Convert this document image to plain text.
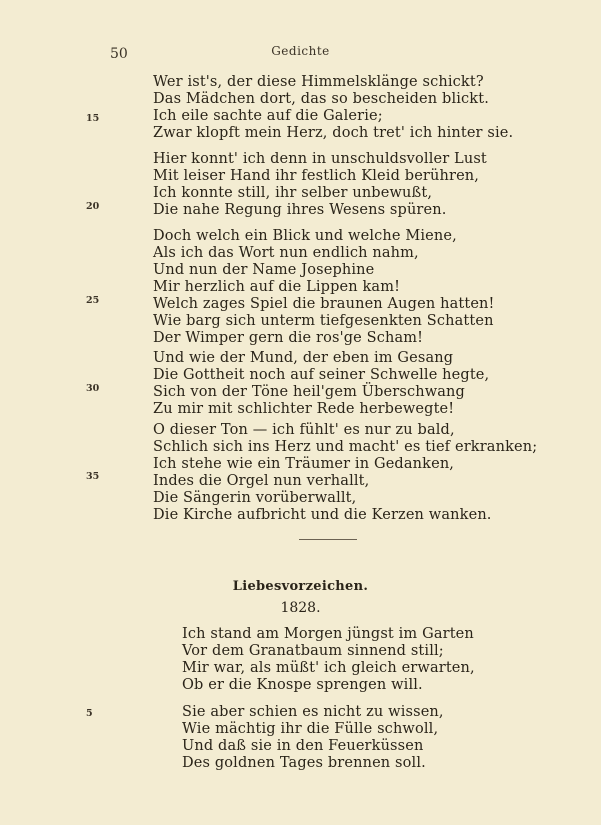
50	Gedichte
15
20
25
30
35
Wer ist's, der diese Himmelsklänge schickt?
Das Mädchen dort, das so bescheiden blickt.
Ich eile sachte auf die Galerie;
Zwar klopft mein Herz, doch tret' ich hinter sie.
Hier konnt' ich denn in unschuldsvoller Lust
Mit leiser Hand ihr festlich Kleid berühren,
Ich konnte still, ihr selber unbewußt,
Die nahe Regung ihres Wesens spüren.
Doch welch ein Blick und welche Miene,
Als ich das Wort nun endlich nahm,
Und nun der Name Josephine
Mir herzlich auf die Lippen kam!
Welch zages Spiel die braunen Augen hatten!
Wie barg sich unterm tiefgesenkten Schatten
Der Wimper gern die ros'ge Scham!
Und wie der Mund, der eben im Gesang
Die Gottheit noch auf seiner Schwelle hegte,
Sich von der Töne heil'gem Überschwang
Zu mir mit schlichter Rede herbewegte!
O dieser Ton — ich fühlt' es nur zu bald,
Schlich sich ins Herz und macht' es tief erkranken;
Ich stehe wie ein Träumer in Gedanken,
Indes die Orgel nun verhallt,
Die Sängerin vorüberwallt,
Die Kirche aufbricht und die Kerzen wanken.
Liebesvorzeichen.
1828.
5
Ich stand am Morgen jüngst im Garten
Vor dem Granatbaum sinnend still;
Mir war, als müßt' ich gleich erwarten,
Ob er die Knospe sprengen will.
Sie aber schien es nicht zu wissen,
Wie mächtig ihr die Fülle schwoll,
Und daß sie in den Feuerküssen
Des goldnen Tages brennen soll.
